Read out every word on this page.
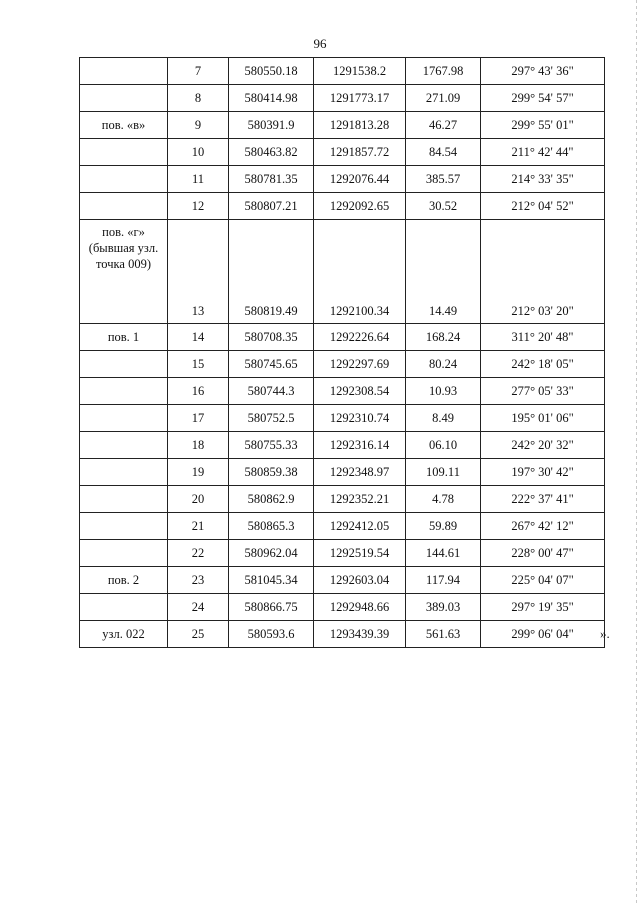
96
	7	580550.18	1291538.2	1767.98	297° 43' 36"
	8	580414.98	1291773.17	271.09	299° 54' 57"
пов. «в»	9	580391.9	1291813.28	46.27	299° 55' 01"
	10	580463.82	1291857.72	84.54	211° 42' 44"
	11	580781.35	1292076.44	385.57	214° 33' 35"
	12	580807.21	1292092.65	30.52	212° 04' 52"
пов. «г» (бывшая узл. точка 009)	13	580819.49	1292100.34	14.49	212° 03' 20"
пов. 1	14	580708.35	1292226.64	168.24	311° 20' 48"
	15	580745.65	1292297.69	80.24	242° 18' 05"
	16	580744.3	1292308.54	10.93	277° 05' 33"
	17	580752.5	1292310.74	8.49	195° 01' 06"
	18	580755.33	1292316.14	06.10	242° 20' 32"
	19	580859.38	1292348.97	109.11	197° 30' 42"
	20	580862.9	1292352.21	4.78	222° 37' 41"
	21	580865.3	1292412.05	59.89	267° 42' 12"
	22	580962.04	1292519.54	144.61	228° 00' 47"
пов. 2	23	581045.34	1292603.04	117.94	225° 04' 07"
	24	580866.75	1292948.66	389.03	297° 19' 35"
узл. 022	25	580593.6	1293439.39	561.63	299° 06' 04" ».
